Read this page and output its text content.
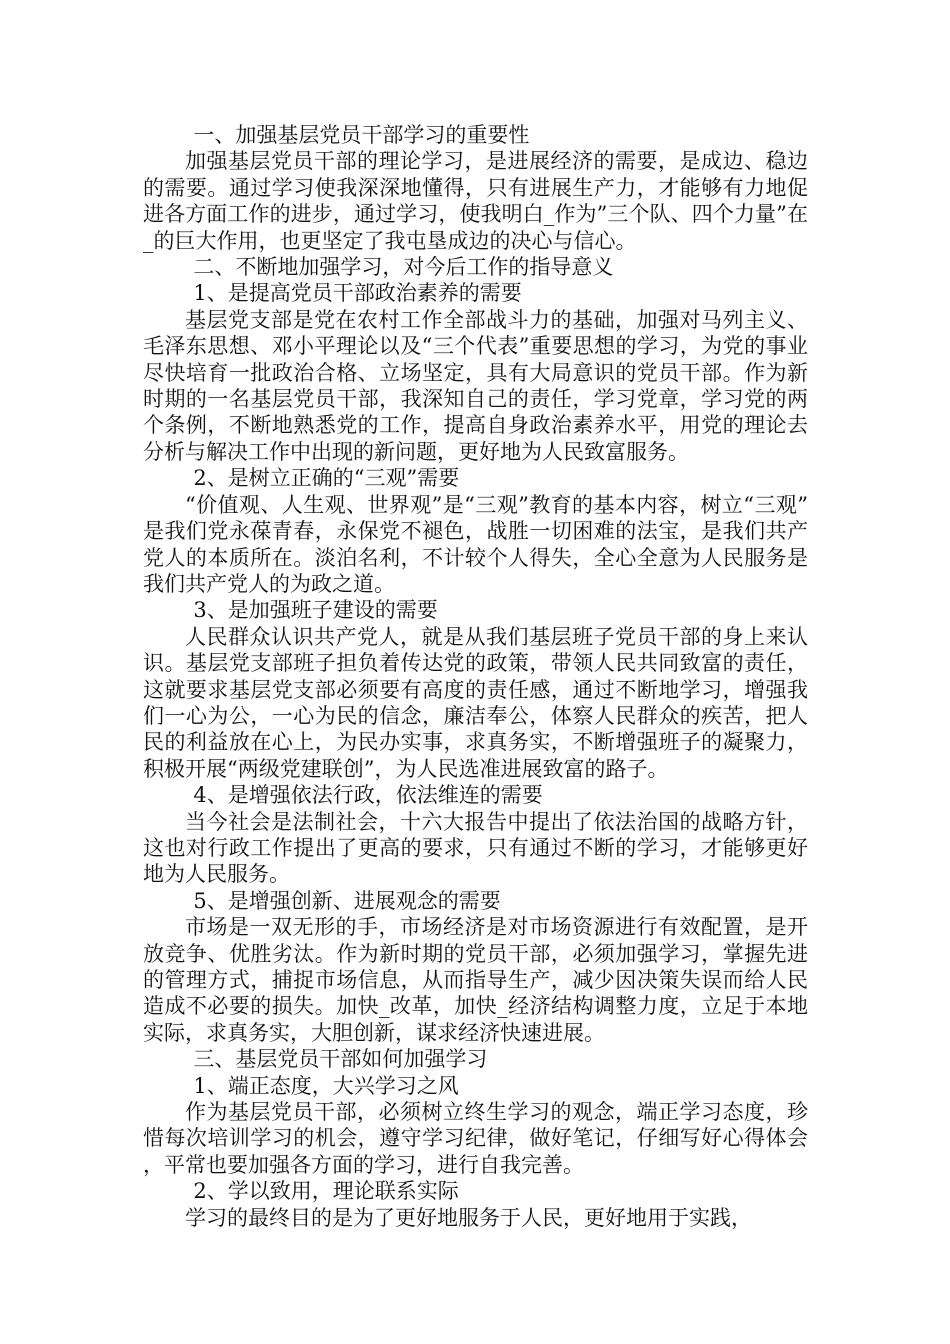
一、加强基层党员干部学习的重要性

加强基层党员干部的理论学习，是进展经济的需要，是成边、稳边的需要。通过学习使我深深地懂得，只有进展生产力，才能够有力地促进各方面工作的进步，通过学习，使我明白_作为”三个队、四个力量”在_的巨大作用，也更坚定了我屯垦成边的决心与信心。

二、不断地加强学习，对今后工作的指导意义

1、是提高党员干部政治素养的需要

基层党支部是党在农村工作全部战斗力的基础，加强对马列主义、毛泽东思想、邓小平理论以及“三个代表”重要思想的学习，为党的事业尽快培育一批政治合格、立场坚定，具有大局意识的党员干部。作为新时期的一名基层党员干部，我深知自己的责任，学习党章，学习党的两个条例，不断地熟悉党的工作，提高自身政治素养水平，用党的理论去分析与解决工作中出现的新问题，更好地为人民致富服务。

2、是树立正确的“三观”需要

“价值观、人生观、世界观”是“三观”教育的基本内容，树立“三观”是我们党永葆青春，永保党不褪色，战胜一切困难的法宝，是我们共产党人的本质所在。淡泊名利，不计较个人得失，全心全意为人民服务是我们共产党人的为政之道。

3、是加强班子建设的需要

人民群众认识共产党人，就是从我们基层班子党员干部的身上来认识。基层党支部班子担负着传达党的政策，带领人民共同致富的责任，这就要求基层党支部必须要有高度的责任感，通过不断地学习，增强我们一心为公，一心为民的信念，廉洁奉公，体察人民群众的疾苦，把人民的利益放在心上，为民办实事，求真务实，不断增强班子的凝聚力，积极开展“两级党建联创”，为人民选准进展致富的路子。

4、是增强依法行政，依法维连的需要

当今社会是法制社会，十六大报告中提出了依法治国的战略方针，这也对行政工作提出了更高的要求，只有通过不断的学习，才能够更好地为人民服务。

5、是增强创新、进展观念的需要

市场是一双无形的手，市场经济是对市场资源进行有效配置，是开放竞争、优胜劣汰。作为新时期的党员干部，必须加强学习，掌握先进的管理方式，捕捉市场信息，从而指导生产，减少因决策失误而给人民造成不必要的损失。加快_改革，加快_经济结构调整力度，立足于本地实际，求真务实，大胆创新，谋求经济快速进展。

三、基层党员干部如何加强学习

1、端正态度，大兴学习之风

作为基层党员干部，必须树立终生学习的观念，端正学习态度，珍惜每次培训学习的机会，遵守学习纪律，做好笔记，仔细写好心得体会，平常也要加强各方面的学习，进行自我完善。

2、学以致用，理论联系实际

学习的最终目的是为了更好地服务于人民，更好地用于实践，
